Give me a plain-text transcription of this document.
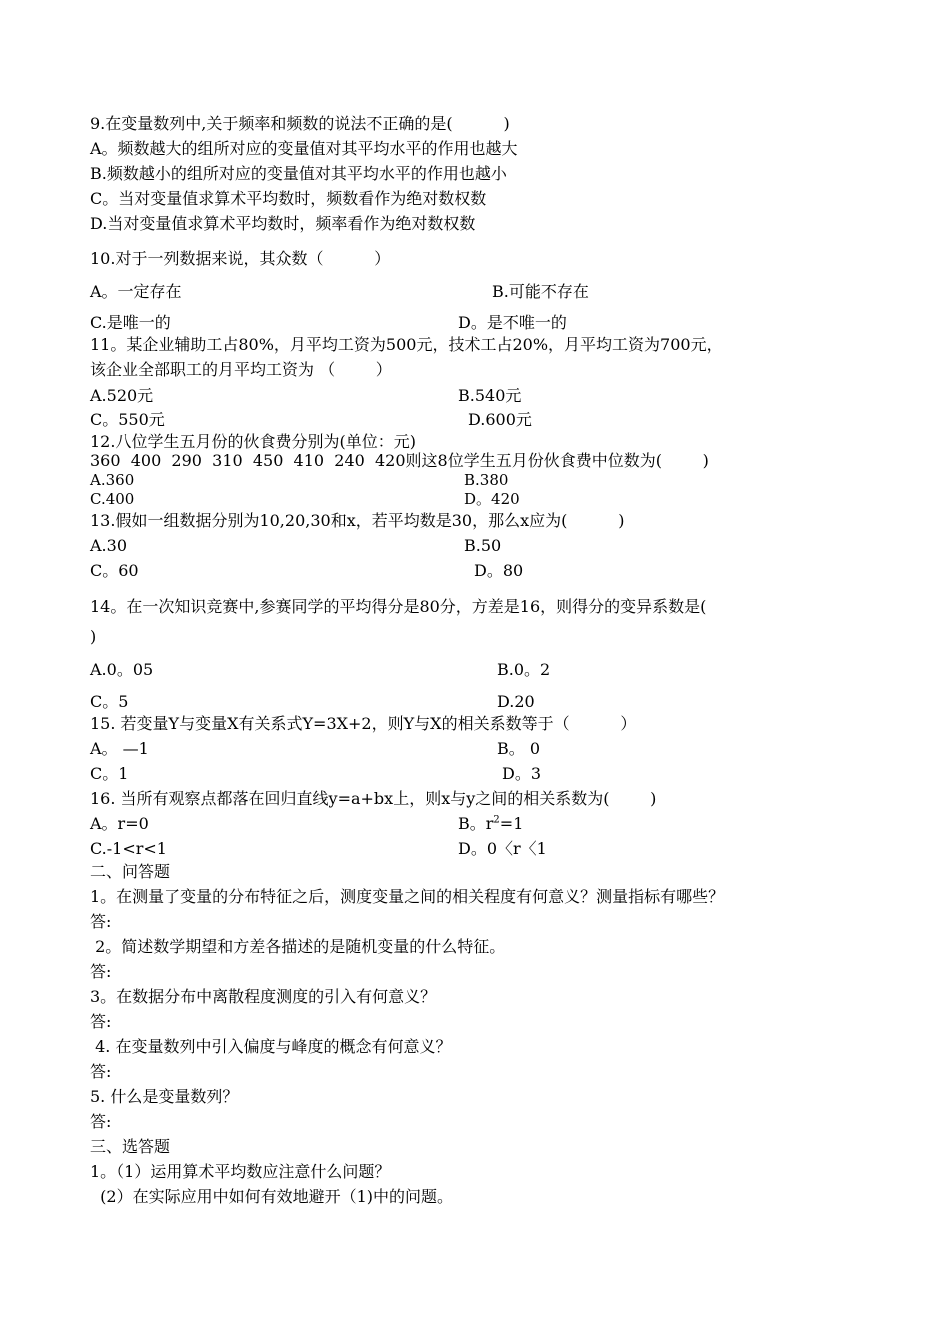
9.在变量数列中,关于频率和频数的说法不正确的是(          )
A。频数越大的组所对应的变量值对其平均水平的作用也越大
B.频数越小的组所对应的变量值对其平均水平的作用也越小
C。当对变量值求算术平均数时，频数看作为绝对数权数
D.当对变量值求算术平均数时，频率看作为绝对数权数
10.对于一列数据来说，其众数（          ）
A。一定存在	B.可能不存在
C.是唯一的	D。是不唯一的
11。某企业辅助工占80%，月平均工资为500元，技术工占20%，月平均工资为700元，
该企业全部职工的月平均工资为 （        ）
A.520元	B.540元
C。550元	D.600元
12.八位学生五月份的伙食费分别为(单位：元)
360  400  290  310  450  410  240  420则这8位学生五月份伙食费中位数为(        )
A.360	B.380
C.400	D。420
13.假如一组数据分别为10,20,30和x，若平均数是30，那么x应为(          )
A.30	B.50
C。60	D。80
14。在一次知识竞赛中,参赛同学的平均得分是80分，方差是16，则得分的变异系数是(
)
A.0。05	B.0。2
C。5	D.20
15. 若变量Y与变量X有关系式Y=3X+2，则Y与X的相关系数等于（          ）
A。 —1	B。 0
C。1	D。3
16. 当所有观察点都落在回归直线y=a+bx上，则x与y之间的相关系数为(        )
A。r=0	B。$r^2=1$
C.-1<r<1	D。0〈r〈1
二、问答题
1。在测量了变量的分布特征之后，测度变量之间的相关程度有何意义？测量指标有哪些？
答:
2。简述数学期望和方差各描述的是随机变量的什么特征。
答:
3。在数据分布中离散程度测度的引入有何意义？
答:
4. 在变量数列中引入偏度与峰度的概念有何意义？
答:
5. 什么是变量数列？
答:
三、选答题
1。（1）运用算术平均数应注意什么问题？
(2）在实际应用中如何有效地避开（1)中的问题。
